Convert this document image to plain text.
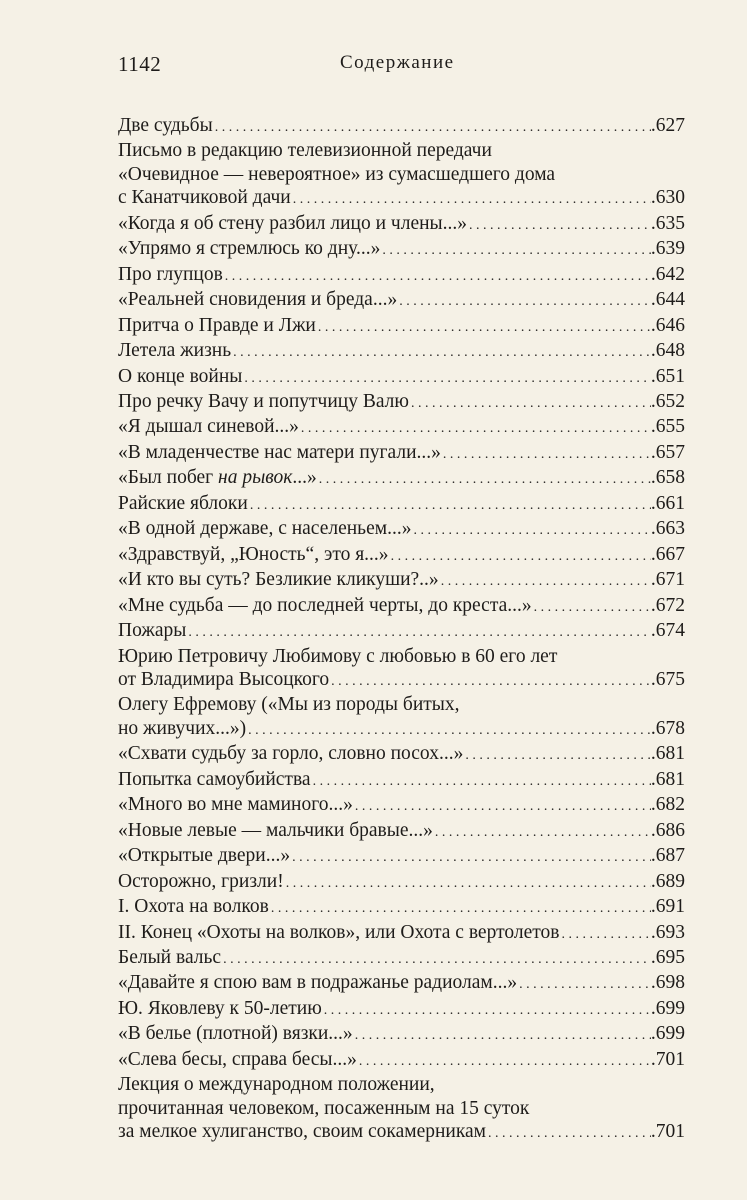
1142	Содержание
Две судьбы . . .	.627
Письмо в редакцию телевизионной передачи
«Очевидное — невероятное» из сумасшедшего дома
с Канатчиковой дачи . . .	.630
«Когда я об стену разбил лицо и члены...» . . .	.635
«Упрямо я стремлюсь ко дну...» . . .	.639
Про глупцов . . .	.642
«Реальней сновидения и бреда...» . . .	.644
Притча о Правде и Лжи . . .	.646
Летела жизнь . . .	.648
О конце войны . . .	.651
Про речку Вачу и попутчицу Валю . . .	.652
«Я дышал синевой...» . . .	.655
«В младенчестве нас матери пугали...» . . .	.657
«Был побег на рывок...» . . .	.658
Райские яблоки . . .	.661
«В одной державе, с населеньем...» . . .	.663
«Здравствуй, „Юность“, это я...» . . .	.667
«И кто вы суть? Безликие кликуши?..» . . .	.671
«Мне судьба — до последней черты, до креста...» . . .	.672
Пожары . . .	.674
Юрию Петровичу Любимову с любовью в 60 его лет
от Владимира Высоцкого . . .	.675
Олегу Ефремову («Мы из породы битых,
но живучих...») . . .	.678
«Схвати судьбу за горло, словно посох...» . . .	.681
Попытка самоубийства . . .	.681
«Много во мне маминого...» . . .	.682
«Новые левые — мальчики бравые...» . . .	.686
«Открытые двери...» . . .	.687
Осторожно, гризли! . . .	.689
I. Охота на волков . . .	.691
II. Конец «Охоты на волков», или Охота с вертолетов . . .	.693
Белый вальс . . .	.695
«Давайте я спою вам в подражанье радиолам...» . . .	.698
Ю. Яковлеву к 50-летию . . .	.699
«В белье (плотной) вязки...» . . .	.699
«Слева бесы, справа бесы...» . . .	.701
Лекция о международном положении,
прочитанная человеком, посаженным на 15 суток
за мелкое хулиганство, своим сокамерникам . . .	.701
